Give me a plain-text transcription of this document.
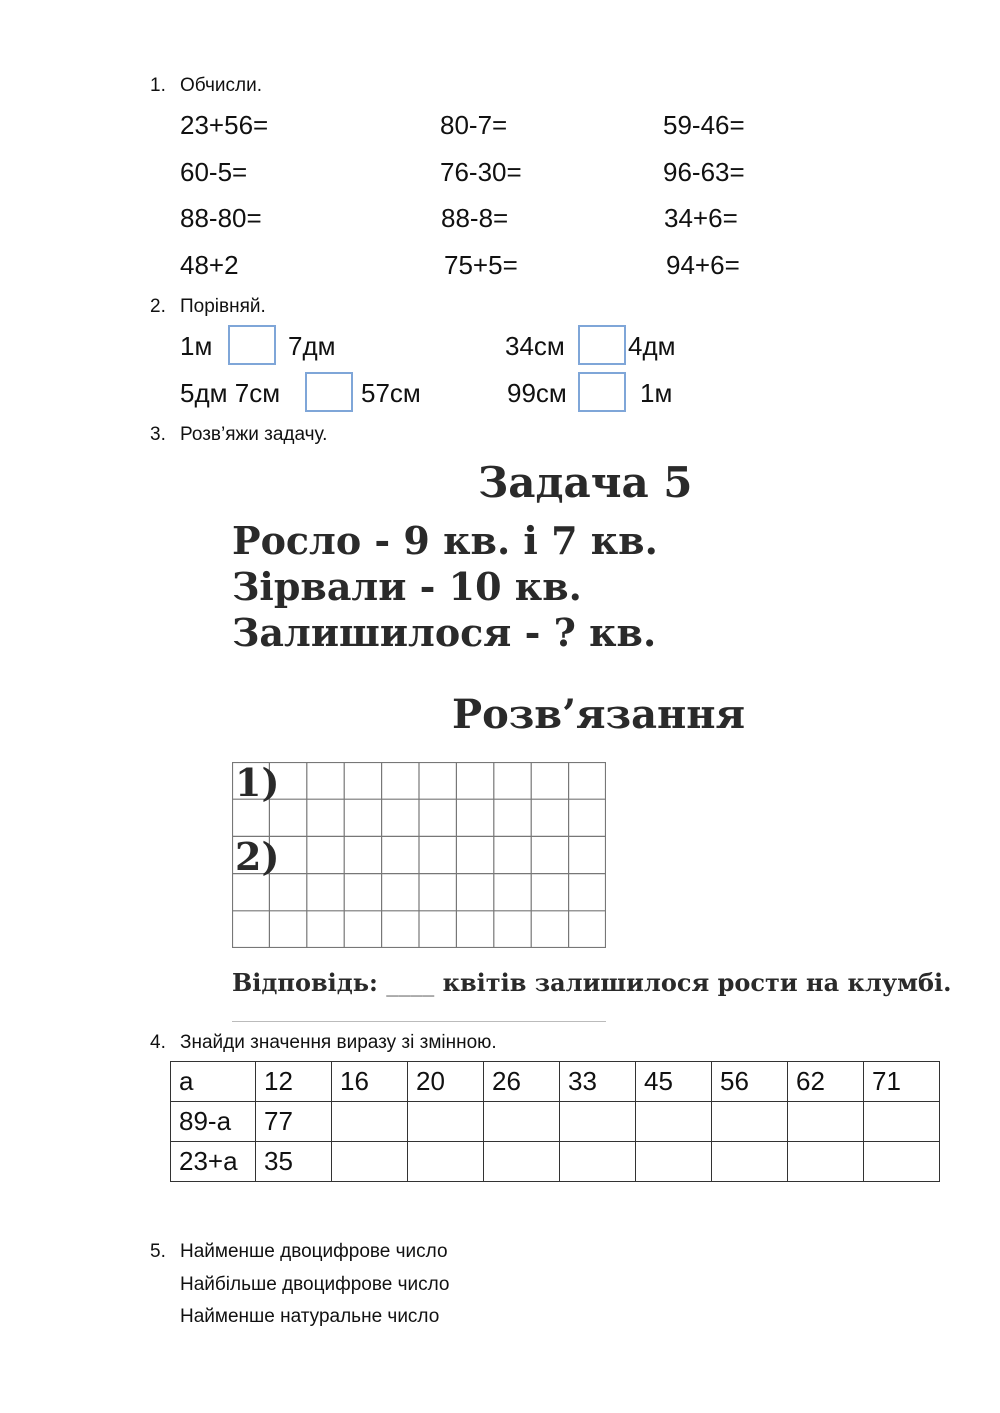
1. Обчисли.
23+56=	80-7=	59-46=
60-5=	76-30=	96-63=
88-80=	88-8=	34+6=
48+2	75+5=	94+6=
2. Порівняй.
1м	7дм	34см 4дм
5дм 7см	57см	99см	1м
3. Розв’яжи задачу.
Задача 5
Росло - 9 кв. і 7 кв.
Зірвали - 10 кв.
Залишилося - ? кв.
Розв’язання
1)
2)
Відповідь: ____ квітів залишилося рости на клумбі.
4. Знайди значення виразу зі змінною.
a	12	16	20	26	33	45	56	62	71
89-a	77								
23+a	35								
5. Найменше двоцифрове число
Найбільше двоцифрове число
Найменше натуральне число
